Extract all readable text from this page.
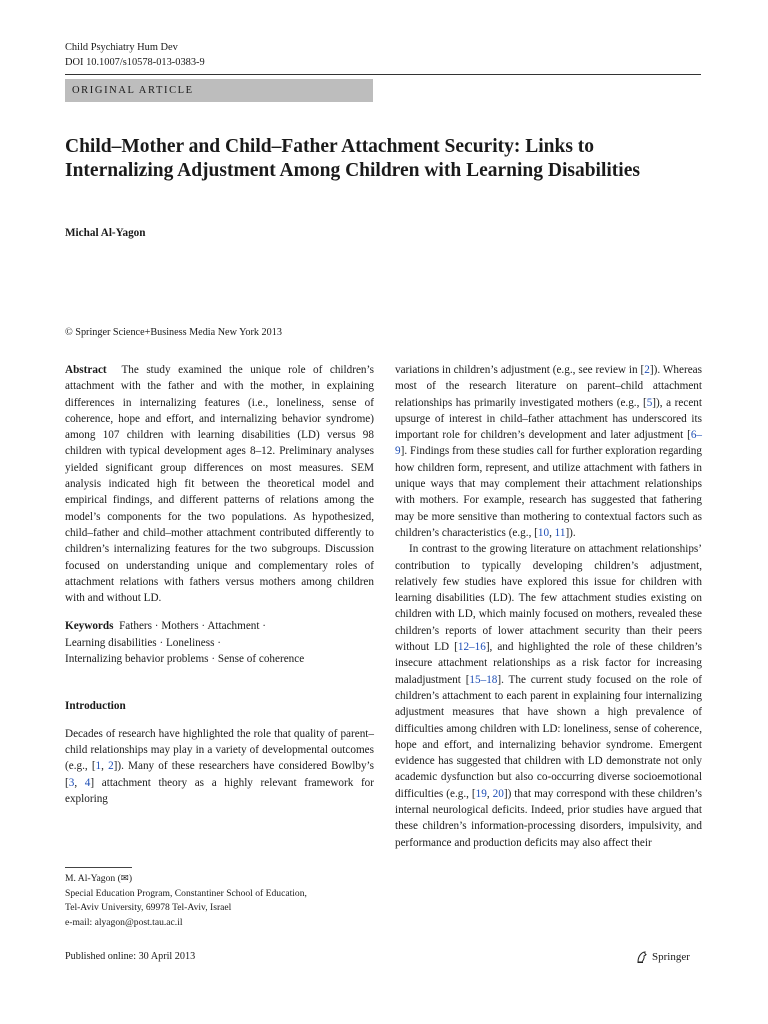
Child Psychiatry Hum Dev
DOI 10.1007/s10578-013-0383-9
ORIGINAL ARTICLE
Child–Mother and Child–Father Attachment Security: Links to Internalizing Adjustment Among Children with Learning Disabilities
Michal Al-Yagon
© Springer Science+Business Media New York 2013

Abstract The study examined the unique role of children’s attachment with the father and with the mother, in explaining differences in internalizing features (i.e., loneliness, sense of coherence, hope and effort, and internalizing behavior syndrome) among 107 children with learning disabilities (LD) versus 98 children with typical development ages 8–12. Preliminary analyses yielded significant group differences on most measures. SEM analysis indicated high fit between the theoretical model and empirical findings, and different patterns of relations among the model’s components for the two populations. As hypothesized, child–father and child–mother attachment contributed differently to children’s internalizing features for the two subgroups. Discussion focused on understanding unique and complementary roles of attachment relations with fathers versus mothers among children with and without LD.

Keywords Fathers · Mothers · Attachment ·
Learning disabilities · Loneliness ·
Internalizing behavior problems · Sense of coherence

Introduction

Decades of research have highlighted the role that quality of parent–child relationships may play in a variety of developmental outcomes (e.g., [1, 2]). Many of these researchers have considered Bowlby’s [3, 4] attachment theory as a highly relevant framework for exploring

variations in children’s adjustment (e.g., see review in [2]). Whereas most of the research literature on parent–child attachment relationships has primarily investigated mothers (e.g., [5]), a recent upsurge of interest in child–father attachment has underscored its important role for children’s development and later adjustment [6–9]. Findings from these studies call for further exploration regarding how children form, represent, and utilize attachment with fathers in unique ways that may complement their attachment relationships with mothers. For example, research has suggested that fathering may be more sensitive than mothering to contextual factors such as children’s characteristics (e.g., [10, 11]).

In contrast to the growing literature on attachment relationships’ contribution to typically developing children’s adjustment, relatively few studies have explored this issue for children with learning disabilities (LD). The few attachment studies existing on children with LD, which mainly focused on mothers, revealed these children’s reports of lower attachment security than their peers without LD [12–16], and highlighted the role of these children’s insecure attachment relationships as a risk factor for increasing maladjustment [15–18]. The current study focused on the role of children’s attachment to each parent in explaining four internalizing adjustment measures that have shown a high prevalence of difficulties among children with LD: loneliness, sense of coherence, hope and effort, and internalizing behavior syndrome. Emergent evidence has suggested that children with LD demonstrate not only academic dysfunction but also co-occurring diverse socioemotional difficulties (e.g., [19, 20]) that may correspond with these children’s internal neurological deficits. Indeed, prior studies have argued that these children’s information-processing disorders, impulsivity, and performance and production deficits may also affect their

M. Al-Yagon (✉)
Special Education Program, Constantiner School of Education,
Tel-Aviv University, 69978 Tel-Aviv, Israel
e-mail: alyagon@post.tau.ac.il
Published online: 30 April 2013	Springer
